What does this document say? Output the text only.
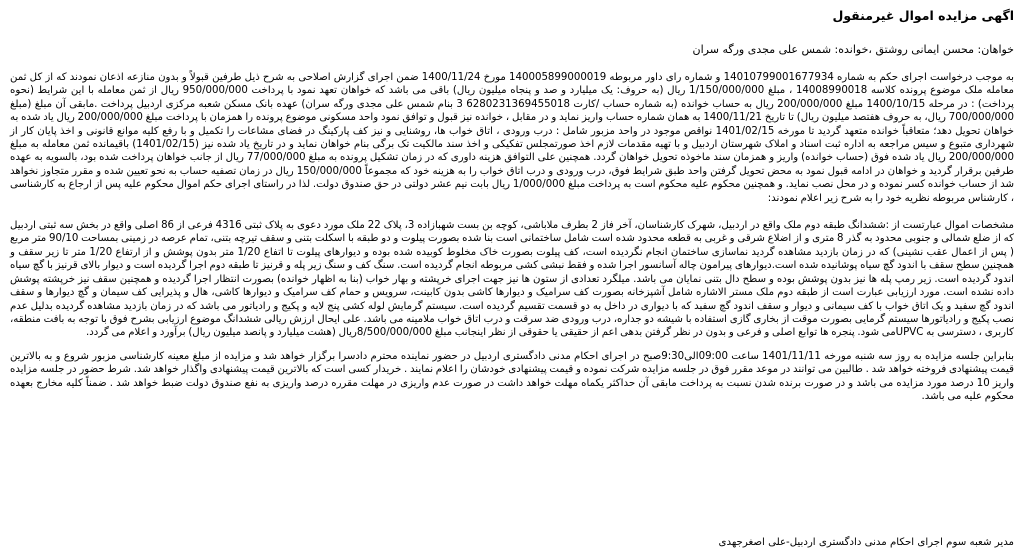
اگهی مزایده اموال غیرمنقول
خواهان: محسن ایمانی روشتق ،خوانده: شمس علی مجدی ورگه سران

به موجب درخواست اجرای حکم به شماره 14010799001677934 و شماره رای داور مربوطه 140005899000019 مورخ 1400/11/24 ضمن اجرای گزارش اصلاحی به شرح ذیل طرفین قبولاً و بدون منازعه اذعان نمودند که از کل ثمن معامله ملک موضوع پرونده کلاسه 14008990018 ، مبلغ 1/150/000/000 ریال (به حروف: یک میلیارد و صد و پنجاه میلیون ریال) باقی می باشد که خواهان تعهد نمود با پرداخت 950/000/000 ریال از ثمن معامله با این شرایط (نحوه پرداخت) : در مرحله 1400/10/15 مبلغ 200/000/000 ریال به حساب خوانده (به شماره حساب /کارت 6280231369455018 3 بنام شمس علی مجدی ورگه سران) عهده بانک مسکن شعبه مرکزی اردبیل پرداخت .مابقی آن مبلغ (مبلغ 700/000/000 ریال، به حروف هفتصد میلیون ریال) تا تاریخ 1400/11/21 به همان شماره حساب واریز نماید و در مقابل ، خوانده نیز قبول و توافق نمود واحد مسکونی موضوع پرونده را همزمان با پرداخت مبلغ 200/000/000 ریال یاد شده به خواهان تحویل دهد؛ متعاقباً خوانده متعهد گردید تا مورخه 1401/02/15 نواقص موجود در واحد مزبور شامل : درب ورودی ، اتاق خواب ها، روشنایی و نیز کف پارکینگ در فضای مشاعات را تکمیل و با رفع کلیه موانع قانونی و اخذ پایان کار از شهرداری متبوع و سیس مراجعه به اداره ثبت اسناد و املاک شهرستان اردبیل و با تهیه مقدمات لازم اخذ صورتمجلس تفکیکی و اخذ سند مالکیت تک برگی بنام خواهان نماید و در تاریخ یاد شده نیز (1401/02/15) باقیمانده ثمن معامله به مبلغ 200/000/000 ریال یاد شده فوق (حساب خوانده) واریز و همزمان سند ماخوذه تحویل خواهان گردد. همچنین علی التوافق هزینه داوری که در زمان تشکیل پرونده به مبلغ 77/000/000 ریال از جانب خواهان پرداخت شده بود، بالسویه به عهده طرفین برقرار گردید و خواهان در ادامه قبول نمود به محض تحویل گرفتن واحد طبق شرایط فوق، درب ورودی و درب اتاق خواب را به هزینه خود که مجموعاً 150/000/000 ریال در زمان تصفیه حساب به نحو تعیین شده و مقرر متجاوز نخواهد شد از حساب خوانده کسر نموده و در محل نصب نماید. و همچنین محکوم علیه محکوم است به پرداخت مبلغ 1/000/000 ریال بابت نیم عشر دولتی در حق صندوق دولت. لذا در راستای اجرای حکم اموال محکوم علیه پس از ارجاع به کارشناسی ، کارشناس مربوطه نظریه خود را به شرح زیر اعلام نمودند:

مشخصات اموال عبارتست از :ششدانگ طبقه دوم ملک واقع در اردبیل، شهرک کارشناسان، آخر فاز 2 بطرف ملاباشی، کوچه بن بست شهبازاده 3، پلاک 22 ملک مورد دعوی به پلاک ثبتی 4316 فرعی از 86 اصلی واقع در بخش سه ثبتی اردبیل که از ضلع شمالی و جنوبی محدود به گذر 8 متری و از اضلاع شرقی و غربی به قطعه محدود شده است شامل ساختمانی است بنا شده بصورت پیلوت و دو طبقه با اسکلت بتنی و سقف تیرچه بتنی، تمام عرصه در زمینی بمساحت 90/10 متر مربع ( پس از اعمال عقب نشینی) که در زمان بازدید مشاهده گردید نماسازی ساختمان انجام نگردیده است، کف پیلوت بصورت خاک مخلوط کوبیده شده بوده و دیوارهای پیلوت تا اتفاع 1/20 متر بدون پوشش و از ارتفاع 1/20 متر تا زیر سقف و همچنین سطح سقف با اندود گچ سیاه پوشانیده شده است.دیوارهای پیرامون چاله آسانسور اجرا شده و فقط نبشی کشی مربوطه انجام گردیده است. سنگ کف و سنگ زیر پله و قرنیز تا طبقه دوم اجرا گردیده است و دیوار بالای قرنیز با گچ سیاه اندود گردیده است. زیر رمپ پله ها نیز بدون پوشش بوده و سطح دال بتنی نمایان می باشد. میلگرد تعدادی از ستون ها نیز جهت اجرای خرپشته و بهار خواب (بنا به اظهار خوانده) بصورت انتظار اجرا گردیده و همچنین سقف نیز خرپشته پوشش داده نشده است. مورد ارزیابی عبارت است از طبقه دوم ملک مستر الاشاره شامل آشپزخانه بصورت کف سرامیک و دیوارها کاشی بدون کابینت، سرویس و حمام کف سرامیک و دیوارها کاشی، هال و پذیرایی کف سیمان و گچ دیوارها و سقف اندود گچ سفید و یک اتاق خواب با کف سیمانی و دیوار و سقف اندود گچ سفید که با دیواری در داخل به دو قسمت تقسیم گردیده است. سیستم گرمایش لوله کشی پنج لایه و پکیج و رادیاتور می باشد که در زمان بازدید مشاهده گردیده بدلیل عدم نصب پکیج و رادیاتورها سیستم گرمایی بصورت موقت از بخاری گازی استفاده با شیشه دو جداره، درب ورودی ضد سرقت و درب اتاق خواب ملامینه می باشد. علی ایحال ارزش ریالی ششدانگ موضوع ارزیابی بشرح فوق با توجه به بافت منطقه، کاربری ، دسترسی به UPVCمی شود. پنجره ها توابع اصلی و فرعی و بدون در نظر گرفتن بدهی اعم از حقیقی یا حقوقی از نظر اینجانب مبلغ 8/500/000/000ریال (هشت میلیارد و پانصد میلیون ریال) برآورد و اعلام می گردد.

بنابراین جلسه مزایده به روز سه شنبه مورخه 1401/11/11 ساعت 09:00الی9:30صبح در اجرای احکام مدنی دادگستری اردبیل در حضور نماینده محترم دادسرا برگزار خواهد شد و مزایده از مبلغ معینه کارشناسی مزبور شروع و به بالاترین قیمت پیشنهادی فروخته خواهد شد . طالبین می توانند در موعد مقرر فوق در جلسه مزایده شرکت نموده و قیمت پیشنهادی خودشان را اعلام نمایند . خریدار کسی است که بالاترین قیمت پیشنهادی واگذار خواهد شد. شرط حضور در جلسه مزایده واریز 10 درصد مورد مزایده می باشد و در صورت برنده شدن نسبت به پرداخت مابقی آن حداکثر یکماه مهلت خواهد داشت در صورت عدم واریزی در مهلت مقرره درصد واریزی به نفع صندوق دولت ضبط خواهد شد . ضمناً کلیه مخارج بعهده محکوم علیه می باشد.

مدیر شعبه سوم اجرای احکام مدنی دادگستری اردبیل-علی اصغرجهدی
